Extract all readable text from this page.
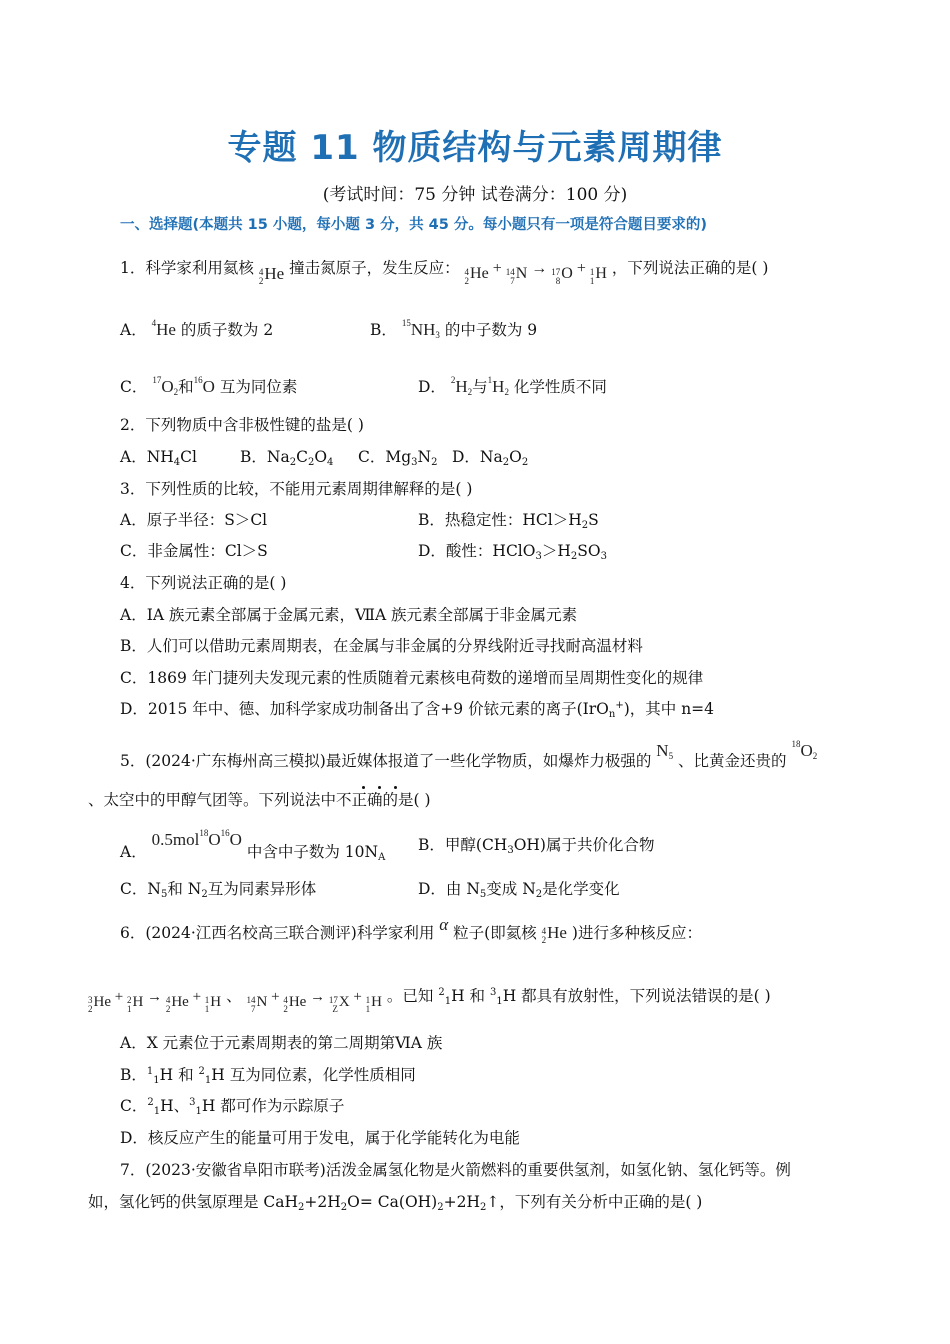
专题 11 物质结构与元素周期律
(考试时间：75 分钟 试卷满分：100 分)
一、选择题(本题共 15 小题，每小题 3 分，共 45 分。每小题只有一项是符合题目要求的)
1．科学家利用氦核 4
2 He 撞击氮原子，发生反应： 4
2 He + 14
7 N → 17
8 O + 1
1 H ，下列说法正确的是( )
A． $^4$He 的质子数为 2	B． $^{15}$NH3 的中子数为 9
C． $^{17}$O2和$^{16}$O 互为同位素	D． $^2$H2与$^1$H2 化学性质不同
2．下列物质中含非极性键的盐是( )
A．$NH_4Cl$	B．$Na_2C_2O_4$ C．$Mg_3N_2$ D．$Na_2O_2$
3．下列性质的比较，不能用元素周期律解释的是( )
A．原子半径：S＞Cl	B．热稳定性：$HCl>H_2S$
C．非金属性：Cl＞S	D．酸性：$HClO_3>H_2SO_3$
4．下列说法正确的是( )
A．ⅠA 族元素全部属于金属元素，ⅦA 族元素全部属于非金属元素
B．人们可以借助元素周期表，在金属与非金属的分界线附近寻找耐高温材料
C．1869 年门捷列夫发现元素的性质随着元素核电荷数的递增而呈周期性变化的规律
D．2015 年中、德、加科学家成功制备出了含+9 价铱元素的离子(IrO$_n$+)，其中 n=4
5．(2024·广东梅州高三模拟)最近媒体报道了一些化学物质，如爆炸力极强的 N5 、比黄金还贵的 $^{18}$O2
、太空中的甲醇气团等。下列说法中不正确的是( )
A． $0.5mol^{18}O^{16}O$ 中含中子数为 $10N_A$
B．甲醇$(CH_3OH)$属于共价化合物
C．$N_5$和 $N_2$互为同素异形体	D．由 $N_5$变成 $N_2$是化学变化
6．(2024·江西名校高三联合测评)科学家利用 α 粒子(即氦核 4
2 He )进行多种核反应：
3
2 He + 2
1 H → 4
2 He + 1
1 H 、 14
7 N + 4
2 He → 17
Z X + 1
1 H 。已知 $^2_1$H 和 $^3_1$H 都具有放射性，下列说法错误的是( )
A．X 元素位于元素周期表的第二周期第ⅥA 族
B．$^1_1$H 和 $^2_1$H 互为同位素，化学性质相同
C．$^2_1$H、$^3_1$H 都可作为示踪原子
D．核反应产生的能量可用于发电，属于化学能转化为电能
7．(2023·安徽省阜阳市联考)活泼金属氢化物是火箭燃料的重要供氢剂，如氢化钠、氢化钙等。例
如，氢化钙的供氢原理是 $CaH_2+2H_2O=$ $Ca(OH)_2+2H_2↑$，下列有关分析中正确的是( )
